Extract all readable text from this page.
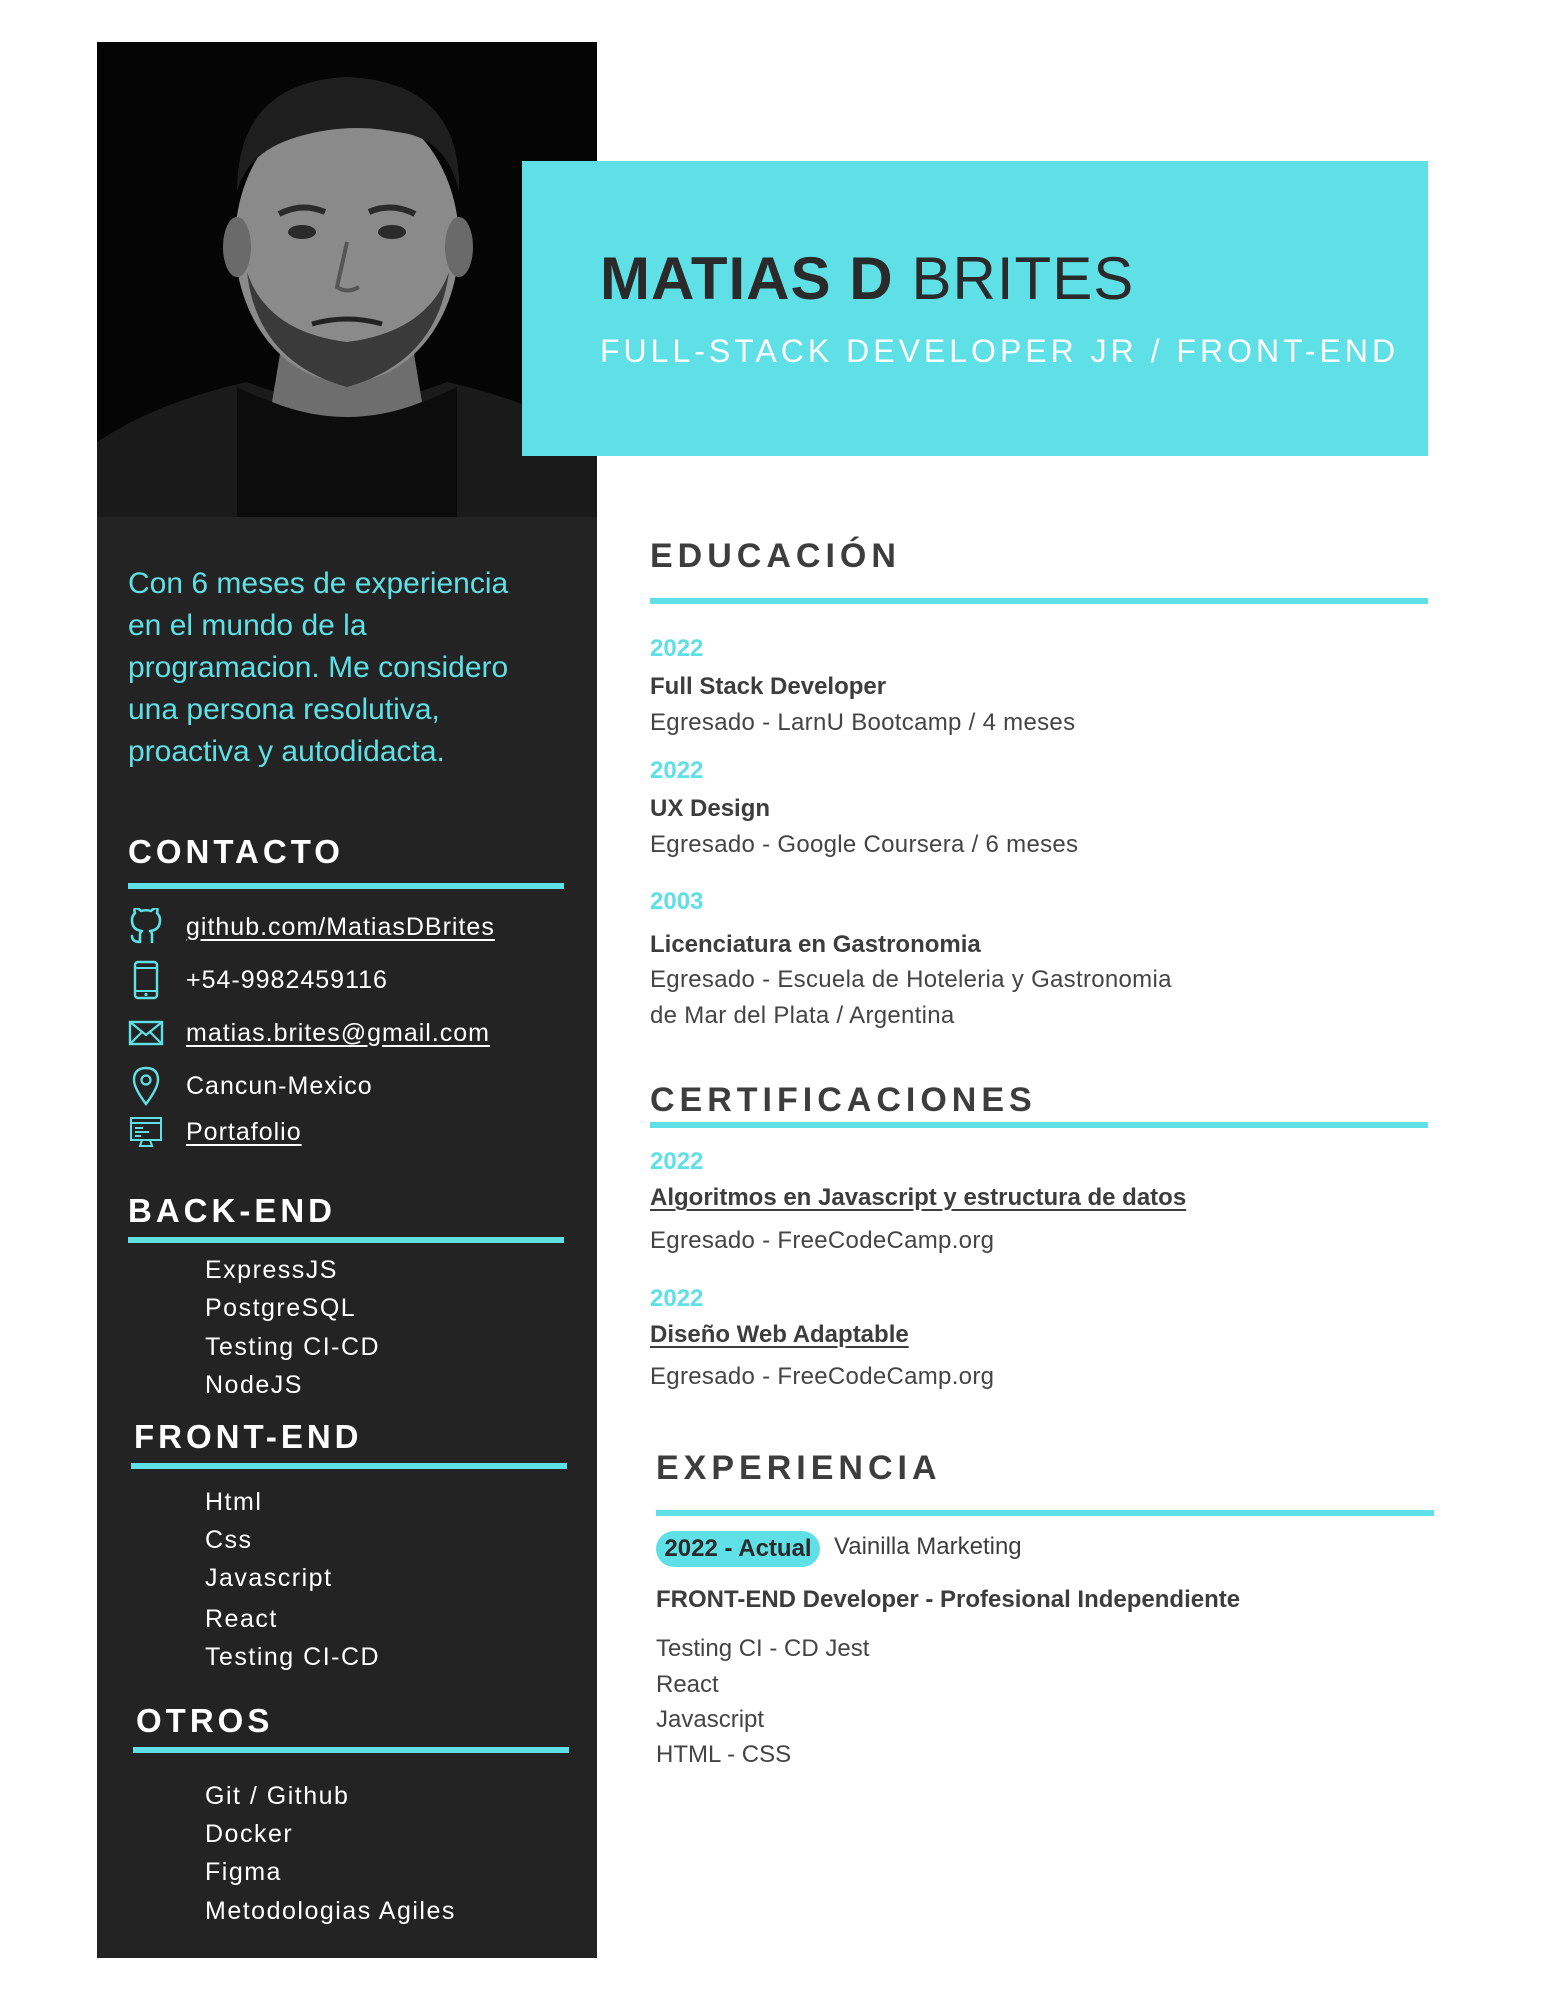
MATIAS D BRITES
FULL-STACK DEVELOPER JR / FRONT-END
Con 6 meses de experiencia en el mundo de la programacion. Me considero una persona resolutiva, proactiva y autodidacta.
CONTACTO
github.com/MatiasDBrites
+54-9982459116
matias.brites@gmail.com
Cancun-Mexico
Portafolio
BACK-END
ExpressJS
PostgreSQL
Testing CI-CD
NodeJS
FRONT-END
Html
Css
Javascript
React
Testing CI-CD
OTROS
Git / Github
Docker
Figma
Metodologias Agiles
EDUCACIÓN
2022
Full Stack Developer
Egresado - LarnU Bootcamp / 4 meses
2022
UX Design
Egresado - Google Coursera / 6 meses
2003
Licenciatura en Gastronomia
Egresado - Escuela de Hoteleria y Gastronomia
de Mar del Plata / Argentina
CERTIFICACIONES
2022
Algoritmos en Javascript y estructura de datos
Egresado - FreeCodeCamp.org
2022
Diseño Web Adaptable
Egresado - FreeCodeCamp.org
EXPERIENCIA
2022 - Actual Vainilla Marketing
FRONT-END Developer - Profesional Independiente
Testing CI - CD Jest
React
Javascript
HTML - CSS
